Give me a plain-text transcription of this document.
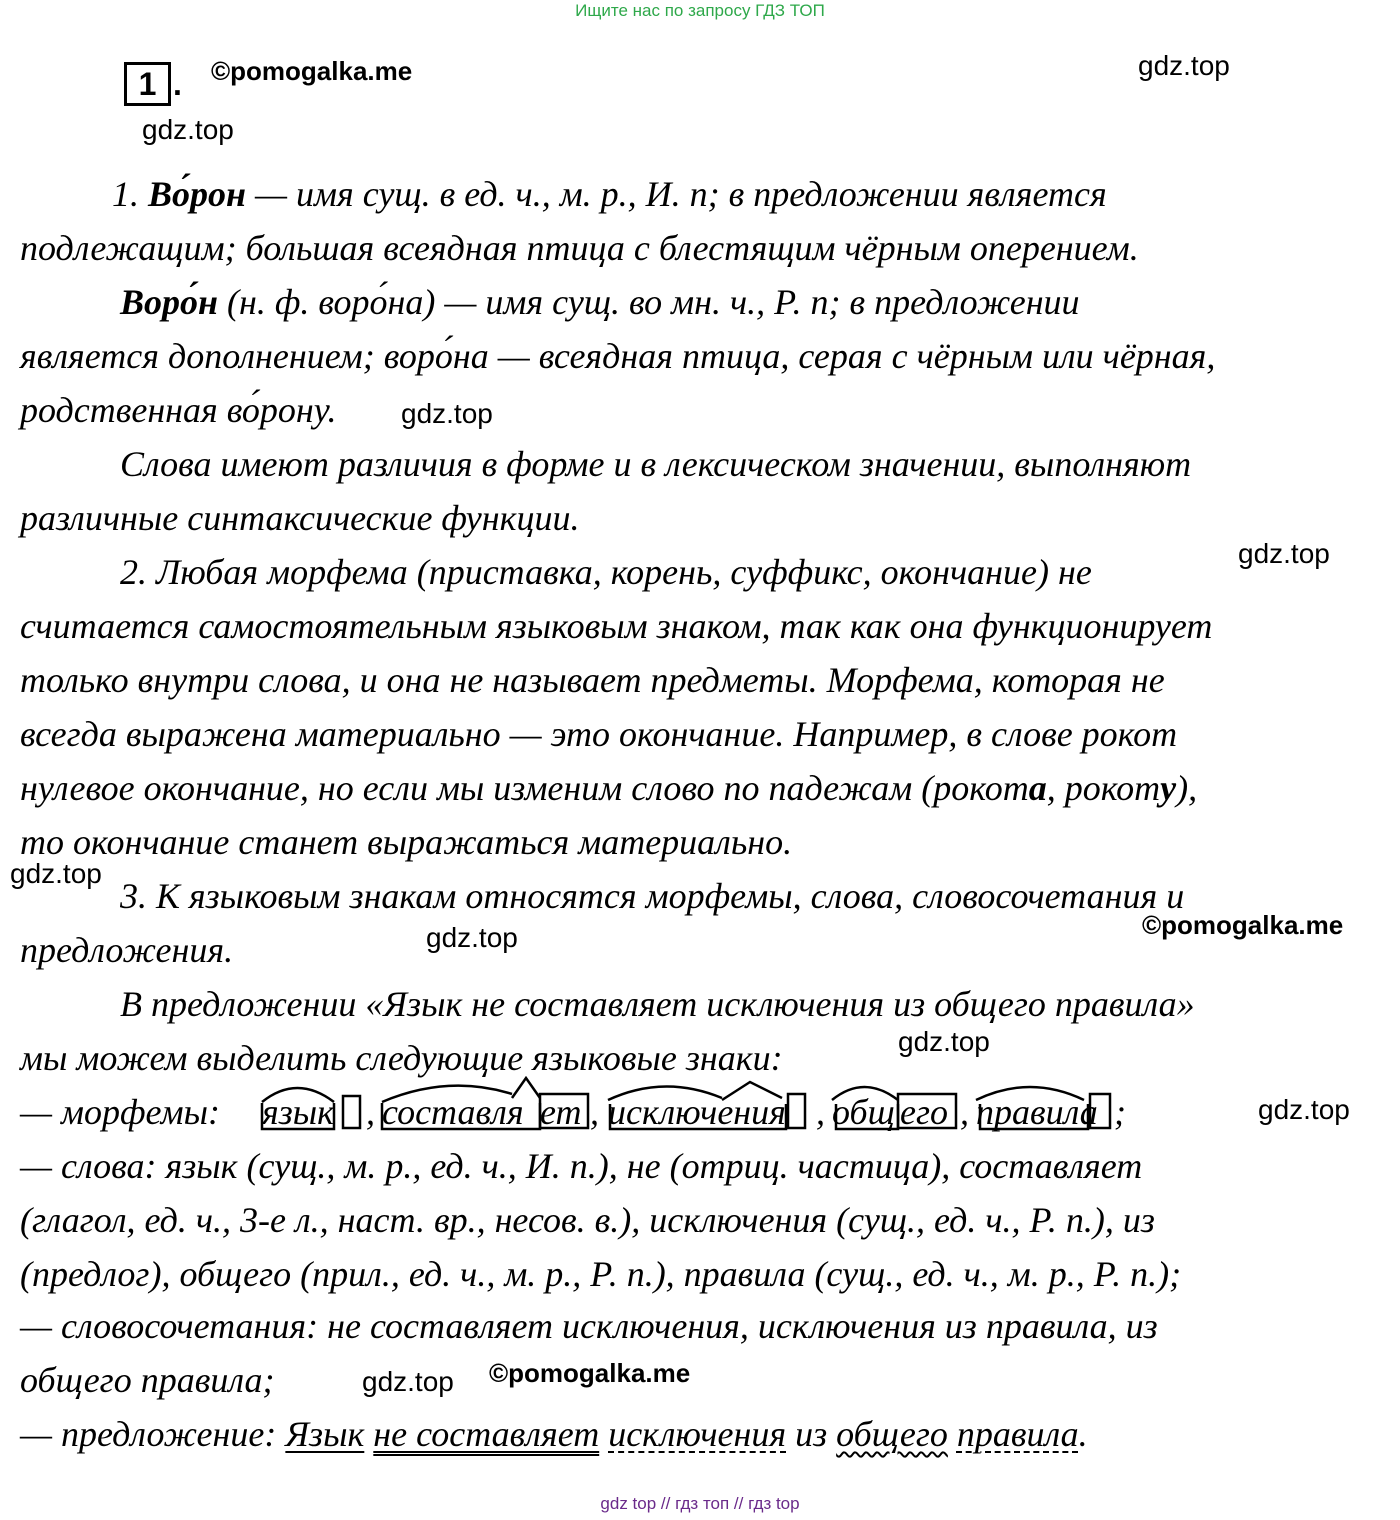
Ищите нас по запросу ГДЗ ТОП
1 . ©pomogalka.me	gdz.top
gdz.top
gdz.top
gdz.top
gdz.top
©pomogalka.me
gdz.top
gdz.top
gdz.top
gdz.top ©pomogalka.me
1. Во́рон — имя сущ. в ед. ч., м. р., И. п; в предложении является
подлежащим; большая всеядная птица с блестящим чёрным оперением.
Воро́н (н. ф. воро́на) — имя сущ. во мн. ч., Р. п; в предложении
является дополнением; воро́на — всеядная птица, серая с чёрным или чёрная,
родственная во́рону.
Слова имеют различия в форме и в лексическом значении, выполняют
различные синтаксические функции.
2. Любая морфема (приставка, корень, суффикс, окончание) не
считается самостоятельным языковым знаком, так как она функционирует
только внутри слова, и она не называет предметы. Морфема, которая не
всегда выражена материально — это окончание. Например, в слове рокот
нулевое окончание, но если мы изменим слово по падежам (рокота, рокоту),
то окончание станет выражаться материально.
3. К языковым знакам относятся морфемы, слова, словосочетания и
предложения.
В предложении «Язык не составляет исключения из общего правила»
мы можем выделить следующие языковые знаки:
— морфемы: язык , составля ет , исключения , общ его , правила ;
— слова: язык (сущ., м. р., ед. ч., И. п.), не (отриц. частица), составляет
(глагол, ед. ч., 3-е л., наст. вр., несов. в.), исключения (сущ., ед. ч., Р. п.), из
(предлог), общего (прил., ед. ч., м. р., Р. п.), правила (сущ., ед. ч., м. р., Р. п.);
— словосочетания: не составляет исключения, исключения из правила, из
общего правила;
— предложение: Язык не составляет исключения из общего правила.
gdz top // гдз топ // гдз top
